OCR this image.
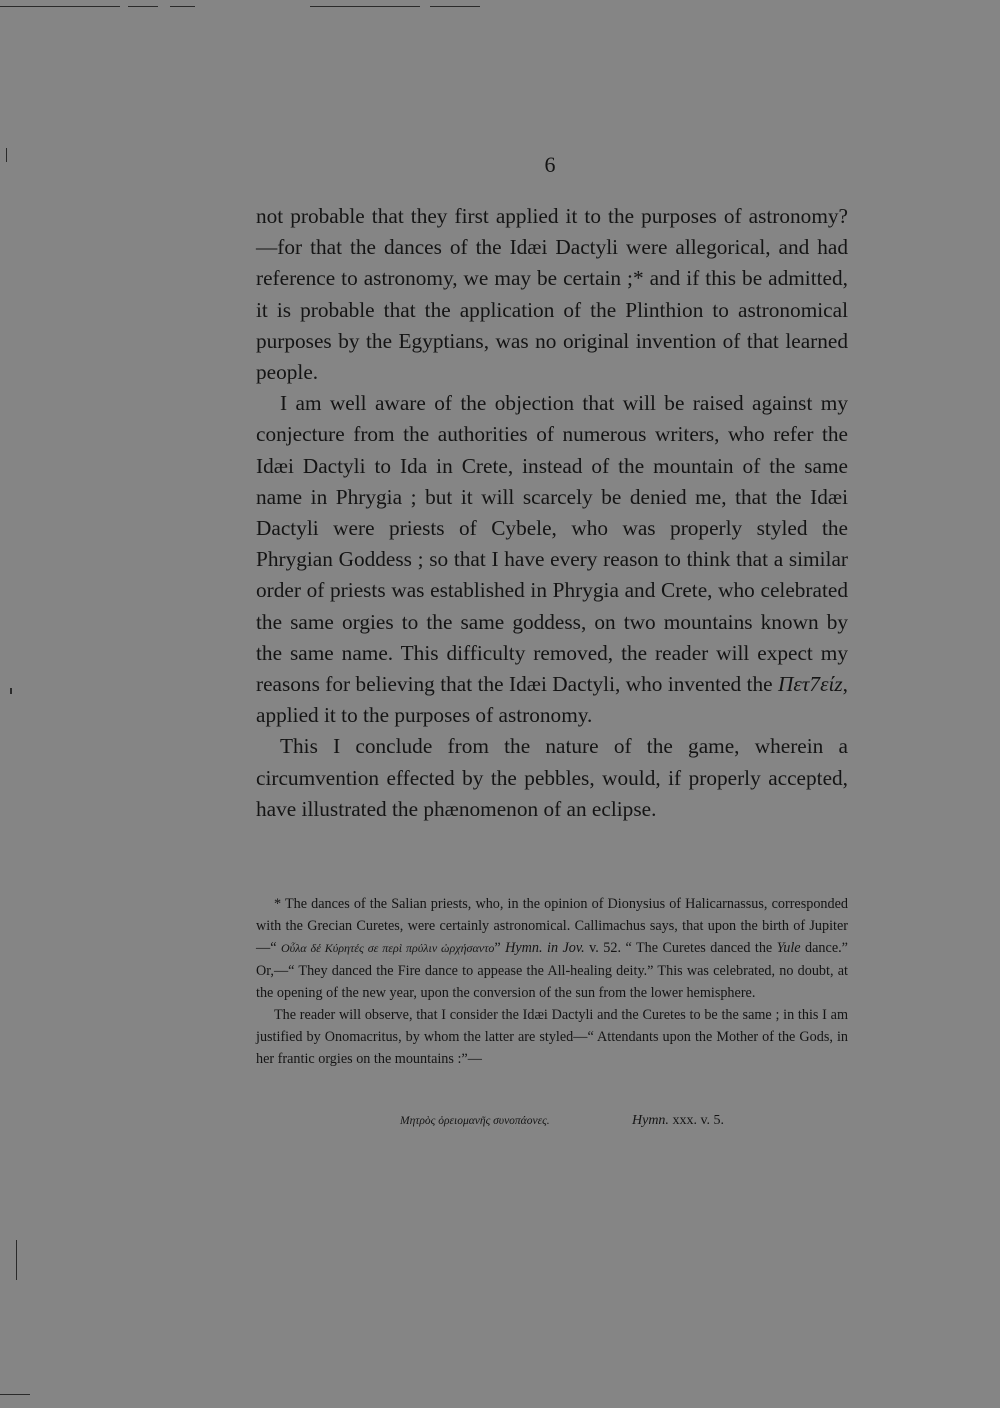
6

not probable that they first applied it to the purposes of astronomy?—for that the dances of the Idæi Dactyli were allegorical, and had reference to astronomy, we may be certain ;* and if this be admitted, it is probable that the application of the Plinthion to astronomical purposes by the Egyptians, was no original invention of that learned people.

I am well aware of the objection that will be raised against my conjecture from the authorities of numerous writers, who refer the Idæi Dactyli to Ida in Crete, instead of the mountain of the same name in Phrygia ; but it will scarcely be denied me, that the Idæi Dactyli were priests of Cybele, who was properly styled the Phrygian Goddess ; so that I have every reason to think that a similar order of priests was established in Phrygia and Crete, who celebrated the same orgies to the same goddess, on two mountains known by the same name. This difficulty removed, the reader will expect my reasons for believing that the Idæi Dactyli, who invented the Πετ7είz, applied it to the purposes of astronomy.

This I conclude from the nature of the game, wherein a circumvention effected by the pebbles, would, if properly accepted, have illustrated the phænomenon of an eclipse.

* The dances of the Salian priests, who, in the opinion of Dionysius of Halicarnassus, corresponded with the Grecian Curetes, were certainly astronomical. Callimachus says, that upon the birth of Jupiter—“ Οὖλα δέ Κύρητές σε περὶ πρύλιν ὠρχήσαντο” Hymn. in Jov. v. 52. “ The Curetes danced the Yule dance.” Or,—“ They danced the Fire dance to appease the All-healing deity.” This was celebrated, no doubt, at the opening of the new year, upon the conversion of the sun from the lower hemisphere.

The reader will observe, that I consider the Idæi Dactyli and the Curetes to be the same ; in this I am justified by Onomacritus, by whom the latter are styled—“ Attendants upon the Mother of the Gods, in her frantic orgies on the mountains :”—

Μητρὸς ὀρειομανῆς συνοπάονες.	Hymn. xxx. v. 5.
